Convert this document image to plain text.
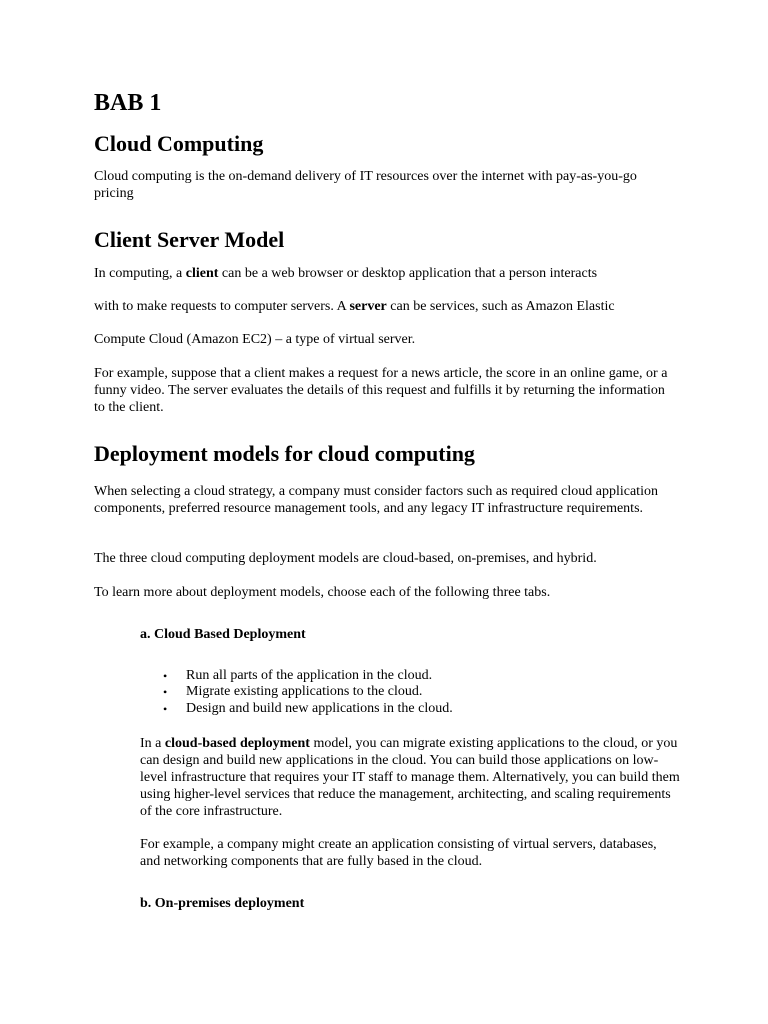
BAB 1
Cloud Computing

Cloud computing is the on-demand delivery of IT resources over the internet with pay-as-you-go pricing

Client Server Model

In computing, a client can be a web browser or desktop application that a person interacts

with to make requests to computer servers. A server can be services, such as Amazon Elastic

Compute Cloud (Amazon EC2) – a type of virtual server.

For example, suppose that a client makes a request for a news article, the score in an online game, or a funny video. The server evaluates the details of this request and fulfills it by returning the information to the client.

Deployment models for cloud computing

When selecting a cloud strategy, a company must consider factors such as required cloud application components, preferred resource management tools, and any legacy IT infrastructure requirements.

The three cloud computing deployment models are cloud-based, on-premises, and hybrid.

To learn more about deployment models, choose each of the following three tabs.

a. Cloud Based Deployment
• Run all parts of the application in the cloud.
• Migrate existing applications to the cloud.
• Design and build new applications in the cloud.

In a cloud-based deployment model, you can migrate existing applications to the cloud, or you can design and build new applications in the cloud. You can build those applications on low-level infrastructure that requires your IT staff to manage them. Alternatively, you can build them using higher-level services that reduce the management, architecting, and scaling requirements of the core infrastructure.

For example, a company might create an application consisting of virtual servers, databases, and networking components that are fully based in the cloud.

b. On-premises deployment
